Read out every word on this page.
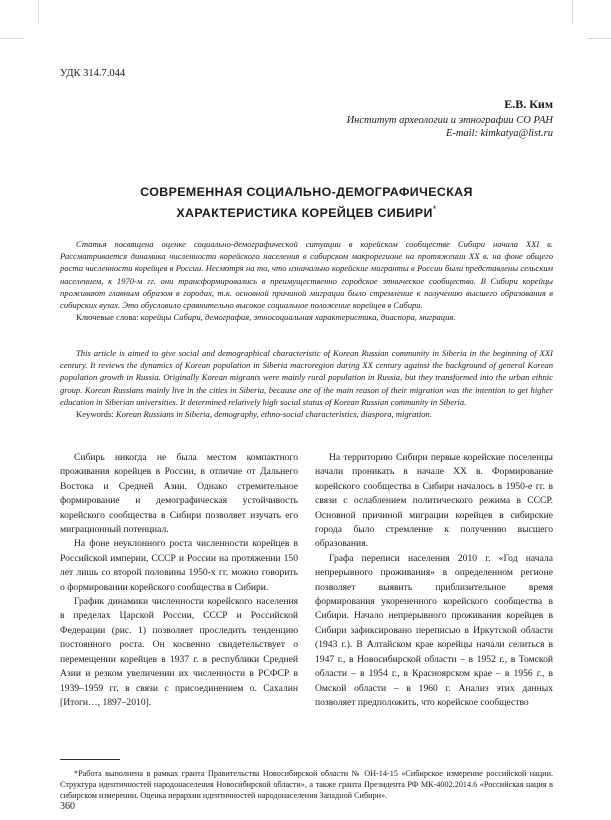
УДК 314.7.044
Е.В. Ким
Институт археологии и этнографии СО РАН
E-mail: kimkatya@list.ru
СОВРЕМЕННАЯ СОЦИАЛЬНО-ДЕМОГРАФИЧЕСКАЯ
ХАРАКТЕРИСТИКА КОРЕЙЦЕВ СИБИРИ*
Статья посвящена оценке социально-демографической ситуации в корейском сообществе Сибири начала XXI в. Рассматривается динамика численности корейского населения в сибирском макрорегионе на протяжении XX в. на фоне общего роста численности корейцев в России. Несмотря на то, что изначально корейские мигранты в России были представлены сельским населением, к 1970-м гг. они трансформировались в преимущественно городское этническое сообщество. В Сибири корейцы проживают главным образом в городах, т.к. основной причиной миграции было стремление к получению высшего образования в сибирских вузах. Это обусловило сравнительно высокое социальное положение корейцев в Сибири.
Ключевые слова: корейцы Сибири, демография, этносоциальная характеристика, диаспора, миграция.
This article is aimed to give social and demographical characteristic of Korean Russian community in Siberia in the beginning of XXI century. It reviews the dynamics of Korean population in Siberia macroregion during XX century against the background of general Korean population growth in Russia. Originally Korean migrants were mainly rural population in Russia, but they transformed into the urban ethnic group. Korean Russians mainly live in the cities in Siberia, because one of the main reason of their migration was the intention to get higher education in Siberian universities. It determined relatively high social status of Korean Russian community in Siberia.
Keywords: Korean Russians in Siberia, demography, ethno-social characteristics, diaspora, migration.

Сибирь никогда не была местом компактного проживания корейцев в России, в отличие от Дальнего Востока и Средней Азии. Однако стремительное формирование и демографическая устойчивость корейского сообщества в Сибири позволяет изучать его миграционный потенциал.

На фоне неуклонного роста численности корейцев в Российской империи, СССР и России на протяжении 150 лет лишь со второй половины 1950-х гг. можно говорить о формировании корейского сообщества в Сибири.

График динамики численности корейского населения в пределах Царской России, СССР и Российской Федерации (рис. 1) позволяет проследить тенденцию постоянного роста. Он косвенно свидетельствует о перемещении корейцев в 1937 г. в республики Средней Азии и резком увеличении их численности в РСФСР в 1939–1959 гг. в связи с присоединением о. Сахалин [Итоги…, 1897–2010].

На территорию Сибири первые корейские поселенцы начали проникать в начале XX в. Формирование корейского сообщества в Сибири началось в 1950-е гг. в связи с ослаблением политического режима в СССР. Основной причиной миграции корейцев в сибирские города было стремление к получению высшего образования.

Графа переписи населения 2010 г. «Год начала непрерывного проживания» в определенном регионе позволяет выявить приблизительное время формирования укорененного корейского сообщества в Сибири. Начало непрерывного проживания корейцев в Сибири зафиксировано переписью в Иркутской области (1943 г.). В Алтайском крае корейцы начали селиться в 1947 г., в Новосибирской области – в 1952 г., в Томской области – в 1954 г., в Красноярском крае – в 1956 г., в Омской области – в 1960 г. Анализ этих данных позволяет предположить, что корейское сообщество

*Работа выполнена в рамках гранта Правительства Новосибирской области № ОН-14-15 «Сибирское измерение российской нации. Структура идентичностей народонаселения Новосибирской области», а также гранта Президента РФ МК-4002.2014.6 «Российская нация в сибирском измерении. Оценка иерархии идентичностей народонаселения Западной Сибири».
360
